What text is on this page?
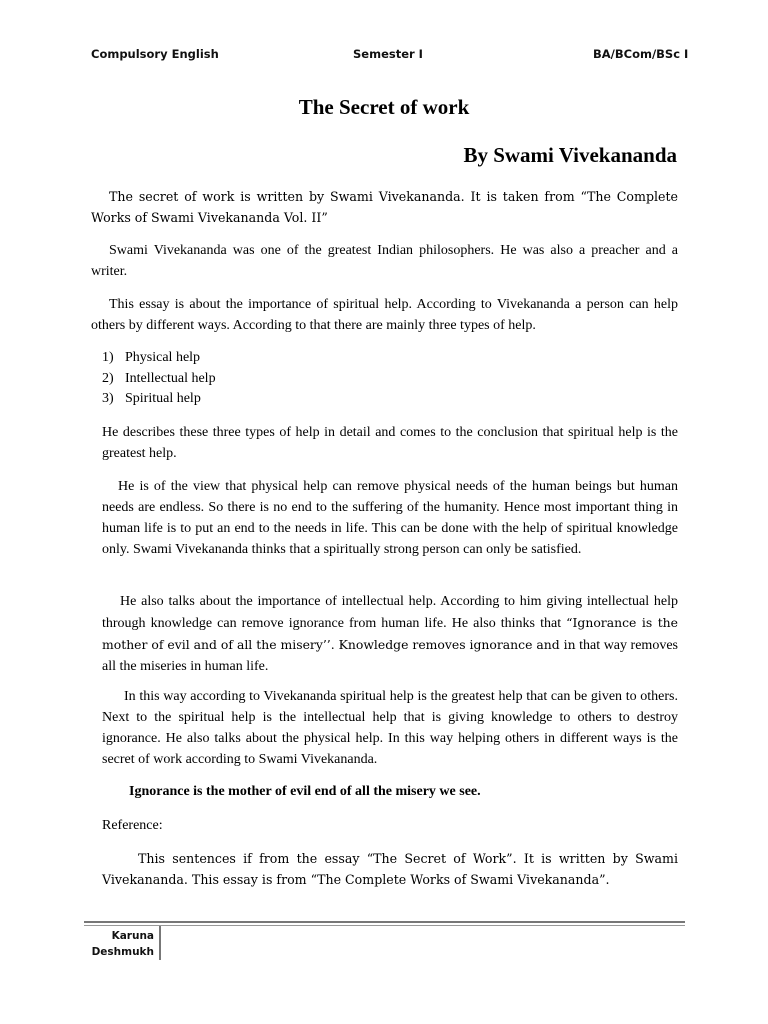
Compulsory English	Semester I	BA/BCom/BSc I
The Secret of work
By Swami Vivekananda
The secret of work is written by Swami Vivekananda. It is taken from “The Complete Works of Swami Vivekananda Vol. II”
Swami Vivekananda was one of the greatest Indian philosophers. He was also a preacher and a writer.
This essay is about the importance of spiritual help. According to Vivekananda a person can help others by different ways. According to that there are mainly three types of help.
1) Physical help
2) Intellectual help
3) Spiritual help
He describes these three types of help in detail and comes to the conclusion that spiritual help is the greatest help.
He is of the view that physical help can remove physical needs of the human beings but human needs are endless. So there is no end to the suffering of the humanity. Hence most important thing in human life is to put an end to the needs in life. This can be done with the help of spiritual knowledge only. Swami Vivekananda thinks that a spiritually strong person can only be satisfied.
He also talks about the importance of intellectual help. According to him giving intellectual help through knowledge can remove ignorance from human life. He also thinks that “Ignorance is the mother of evil and of all the misery’’. Knowledge removes ignorance and in that way removes all the miseries in human life.
In this way according to Vivekananda spiritual help is the greatest help that can be given to others. Next to the spiritual help is the intellectual help that is giving knowledge to others to destroy ignorance. He also talks about the physical help. In this way helping others in different ways is the secret of work according to Swami Vivekananda.
Ignorance is the mother of evil end of all the misery we see.
Reference:
This sentences if from the essay “The Secret of Work”. It is written by Swami Vivekananda. This essay is from “The Complete Works of Swami Vivekananda”.
Karuna
Deshmukh
